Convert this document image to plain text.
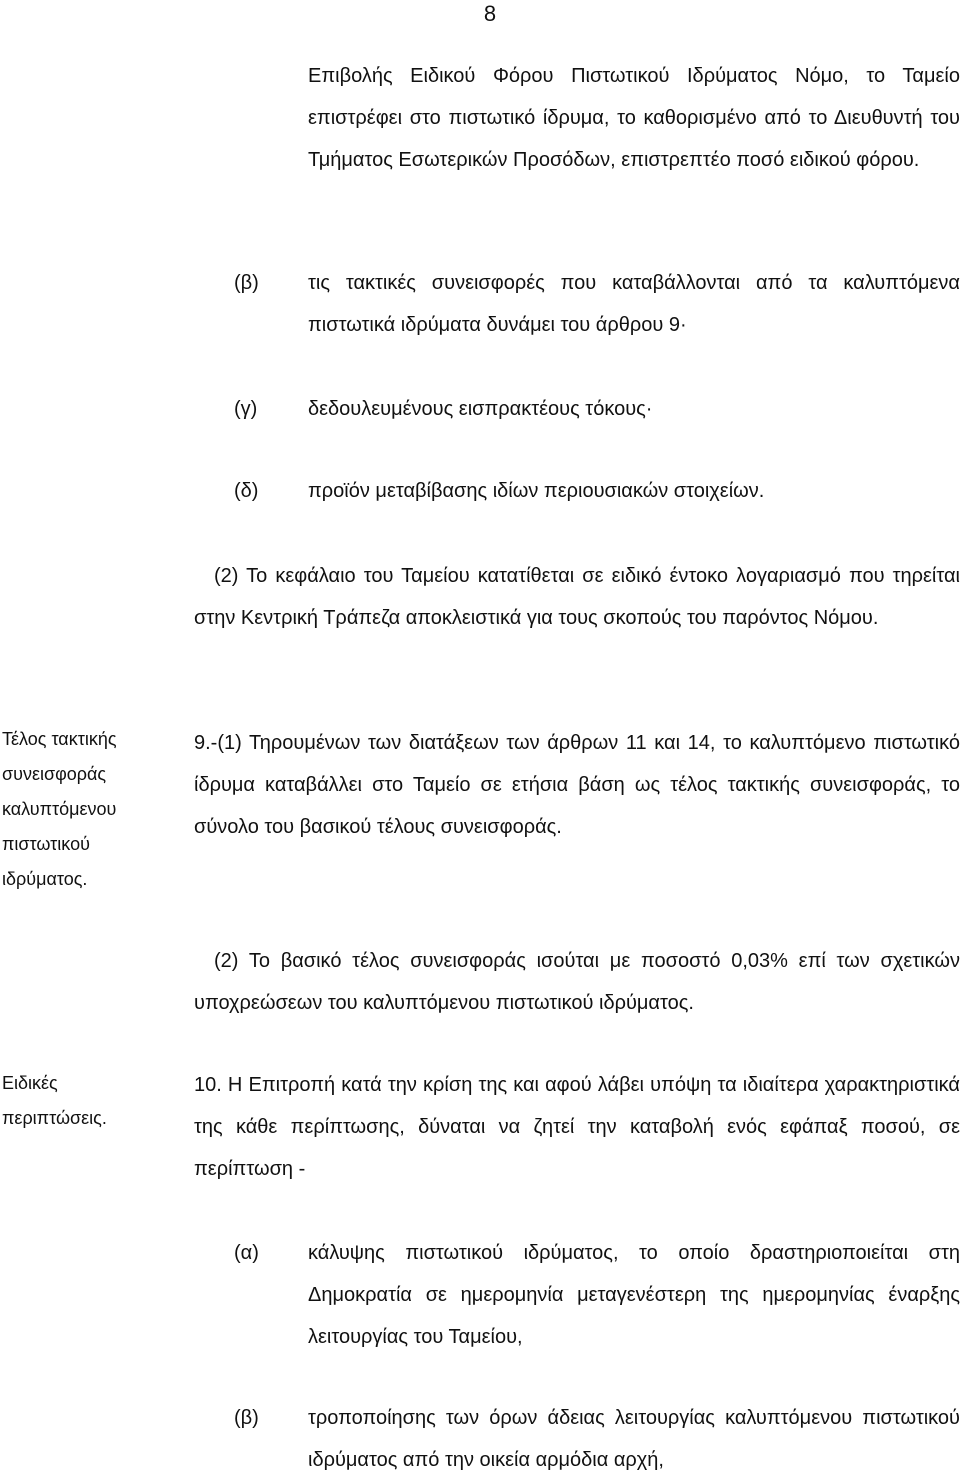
8

Επιβολής Ειδικού Φόρου Πιστωτικού Ιδρύματος Νόμο, το Ταμείο επιστρέφει στο πιστωτικό ίδρυμα, το καθορισμένο από το Διευθυντή του Τμήματος Εσωτερικών Προσόδων, επιστρεπτέο ποσό ειδικού φόρου.

(β) τις τακτικές συνεισφορές που καταβάλλονται από τα καλυπτόμενα πιστωτικά ιδρύματα δυνάμει του άρθρου 9·

(γ)	δεδουλευμένους εισπρακτέους τόκους·

(δ) προϊόν μεταβίβασης ιδίων περιουσιακών στοιχείων.

(2) Το κεφάλαιο του Ταμείου κατατίθεται σε ειδικό έντοκο λογαριασμό που τηρείται στην Κεντρική Τράπεζα αποκλειστικά για τους σκοπούς του παρόντος Νόμου.

Τέλος τακτικής συνεισφοράς καλυπτόμενου πιστωτικού ιδρύματος.

9.-(1) Τηρουμένων των διατάξεων των άρθρων 11 και 14, το καλυπτόμενο πιστωτικό ίδρυμα καταβάλλει στο Ταμείο σε ετήσια βάση ως τέλος τακτικής συνεισφοράς, το σύνολο του βασικού τέλους συνεισφοράς.

(2) Το βασικό τέλος συνεισφοράς ισούται με ποσοστό 0,03% επί των σχετικών υποχρεώσεων του καλυπτόμενου πιστωτικού ιδρύματος.

Ειδικές περιπτώσεις.

10. Η Επιτροπή κατά την κρίση της και αφού λάβει υπόψη τα ιδιαίτερα χαρακτηριστικά της κάθε περίπτωσης, δύναται να ζητεί την καταβολή ενός εφάπαξ ποσού, σε περίπτωση -

(α) κάλυψης πιστωτικού ιδρύματος, το οποίο δραστηριοποιείται στη Δημοκρατία σε ημερομηνία μεταγενέστερη της ημερομηνίας έναρξης λειτουργίας του Ταμείου,

(β) τροποποίησης των όρων άδειας λειτουργίας καλυπτόμενου πιστωτικού ιδρύματος από την οικεία αρμόδια αρχή,
